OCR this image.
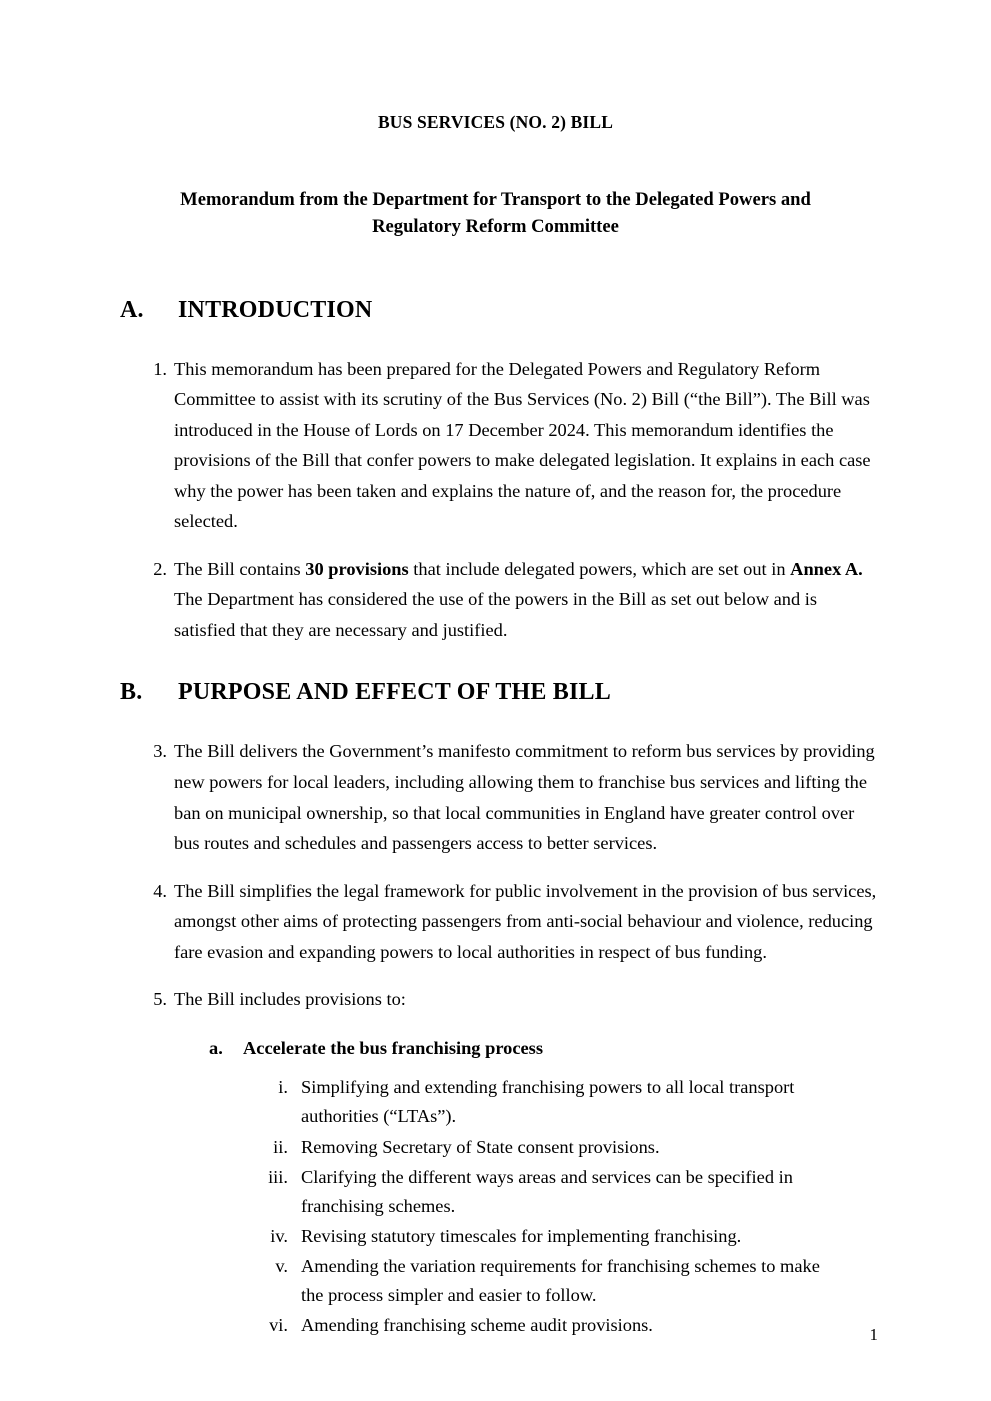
BUS SERVICES (NO. 2) BILL
Memorandum from the Department for Transport to the Delegated Powers and Regulatory Reform Committee
A.	INTRODUCTION
1. This memorandum has been prepared for the Delegated Powers and Regulatory Reform Committee to assist with its scrutiny of the Bus Services (No. 2) Bill (“the Bill”). The Bill was introduced in the House of Lords on 17 December 2024. This memorandum identifies the provisions of the Bill that confer powers to make delegated legislation. It explains in each case why the power has been taken and explains the nature of, and the reason for, the procedure selected.
2. The Bill contains 30 provisions that include delegated powers, which are set out in Annex A. The Department has considered the use of the powers in the Bill as set out below and is satisfied that they are necessary and justified.
B.	PURPOSE AND EFFECT OF THE BILL
3. The Bill delivers the Government’s manifesto commitment to reform bus services by providing new powers for local leaders, including allowing them to franchise bus services and lifting the ban on municipal ownership, so that local communities in England have greater control over bus routes and schedules and passengers access to better services.
4. The Bill simplifies the legal framework for public involvement in the provision of bus services, amongst other aims of protecting passengers from anti-social behaviour and violence, reducing fare evasion and expanding powers to local authorities in respect of bus funding.
5. The Bill includes provisions to:
a.	Accelerate the bus franchising process
i. Simplifying and extending franchising powers to all local transport authorities (“LTAs”).
ii. Removing Secretary of State consent provisions.
iii. Clarifying the different ways areas and services can be specified in franchising schemes.
iv. Revising statutory timescales for implementing franchising.
v. Amending the variation requirements for franchising schemes to make the process simpler and easier to follow.
vi. Amending franchising scheme audit provisions.	1
